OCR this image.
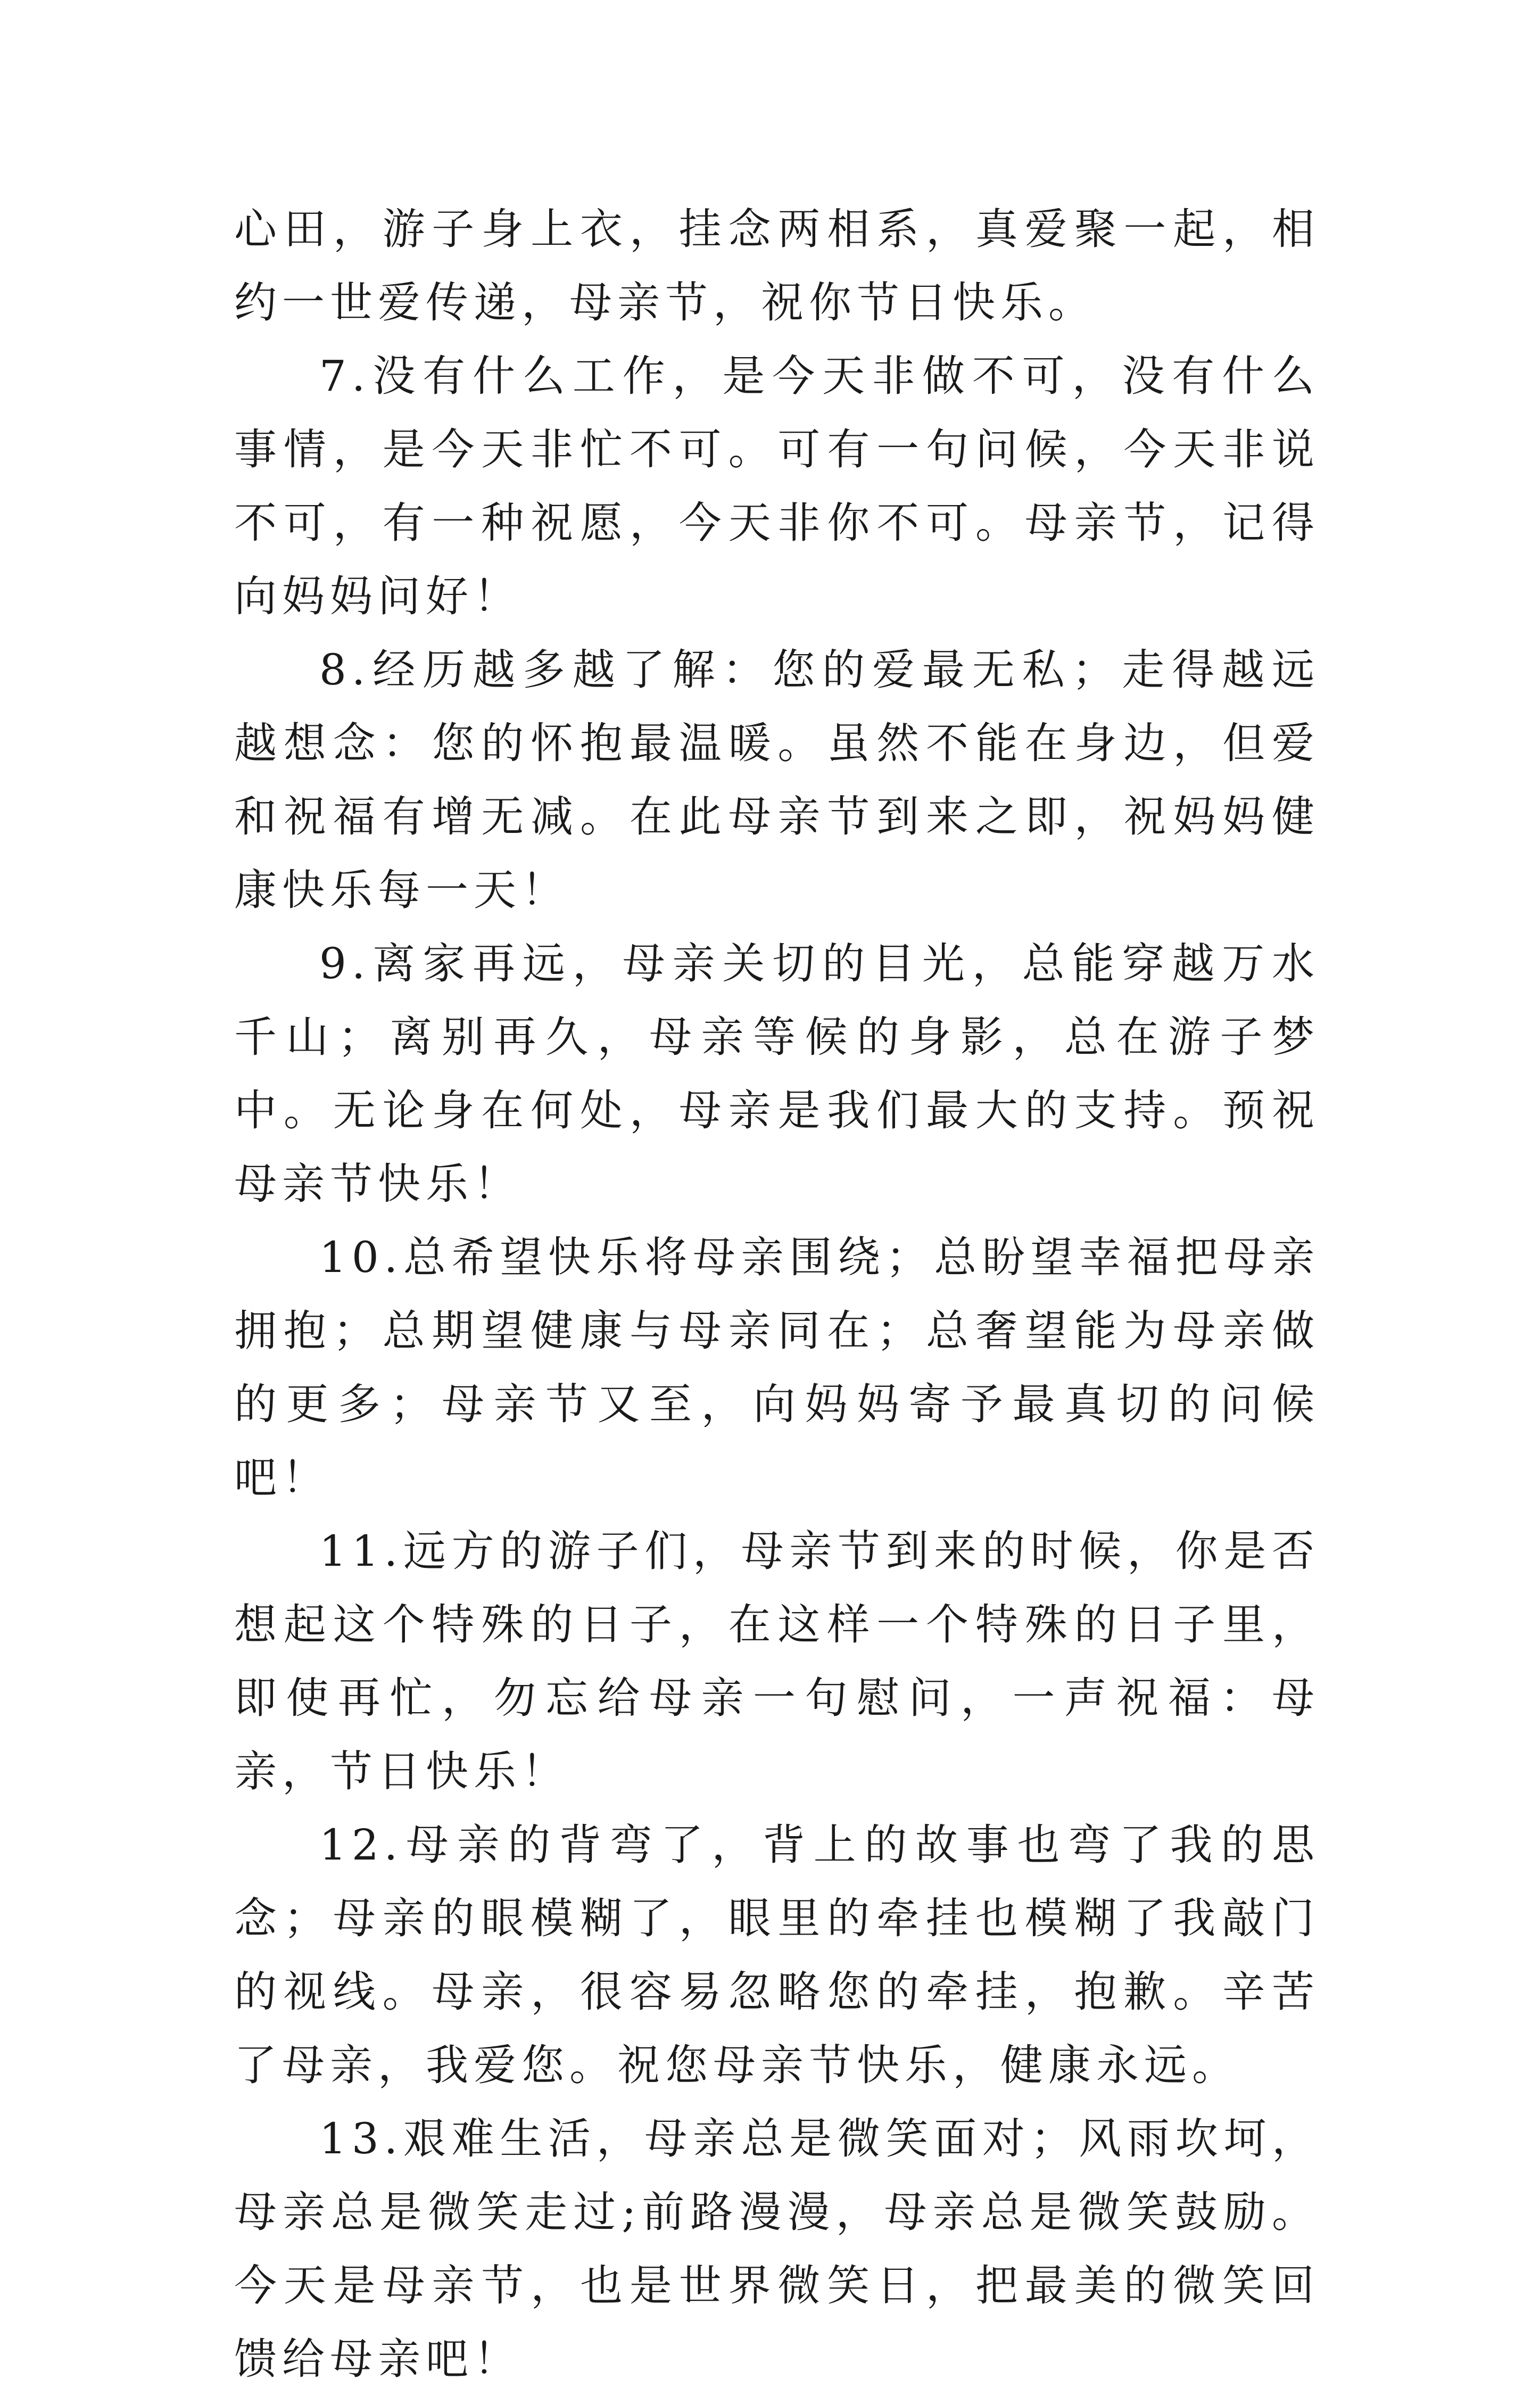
心田，游子身上衣，挂念两相系，真爱聚一起，相约一世爱传递，母亲节，祝你节日快乐。

7.没有什么工作，是今天非做不可，没有什么事情，是今天非忙不可。可有一句问候，今天非说不可，有一种祝愿，今天非你不可。母亲节，记得向妈妈问好！

8.经历越多越了解：您的爱最无私；走得越远越想念：您的怀抱最温暖。虽然不能在身边，但爱和祝福有增无减。在此母亲节到来之即，祝妈妈健康快乐每一天！

9.离家再远，母亲关切的目光，总能穿越万水千山；离别再久，母亲等候的身影，总在游子梦中。无论身在何处，母亲是我们最大的支持。预祝母亲节快乐！

10.总希望快乐将母亲围绕；总盼望幸福把母亲拥抱；总期望健康与母亲同在；总奢望能为母亲做的更多；母亲节又至，向妈妈寄予最真切的问候吧！

11.远方的游子们，母亲节到来的时候，你是否想起这个特殊的日子，在这样一个特殊的日子里，即使再忙，勿忘给母亲一句慰问，一声祝福：母亲，节日快乐！

12.母亲的背弯了，背上的故事也弯了我的思念；母亲的眼模糊了，眼里的牵挂也模糊了我敲门的视线。母亲，很容易忽略您的牵挂，抱歉。辛苦了母亲，我爱您。祝您母亲节快乐，健康永远。

13.艰难生活，母亲总是微笑面对；风雨坎坷，母亲总是微笑走过;前路漫漫，母亲总是微笑鼓励。今天是母亲节，也是世界微笑日，把最美的微笑回馈给母亲吧！
